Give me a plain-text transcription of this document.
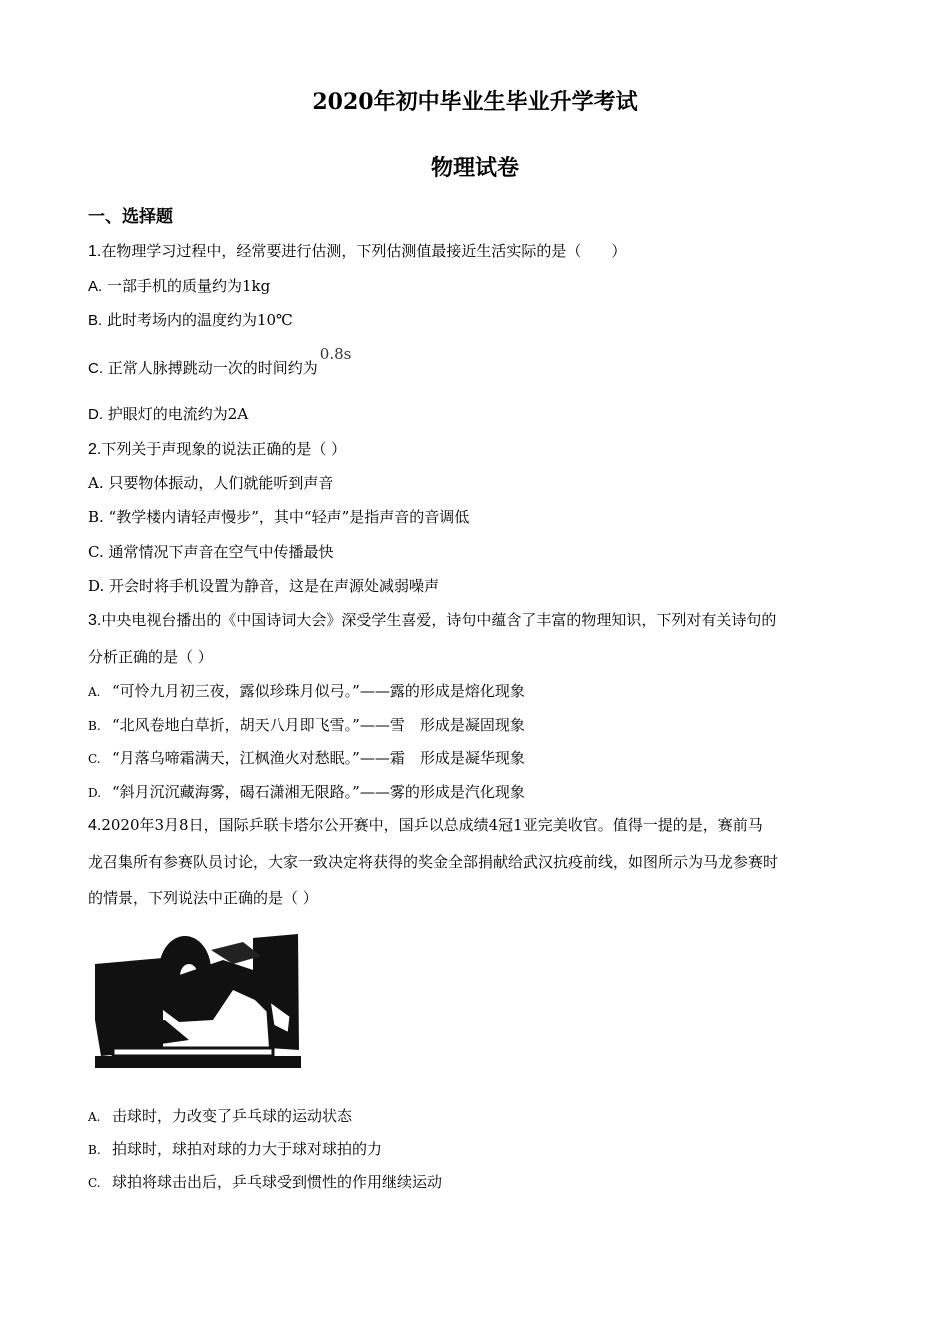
2020年初中毕业生毕业升学考试
物理试卷
一、选择题
1.在物理学习过程中，经常要进行估测，下列估测值最接近生活实际的是（　　）
A. 一部手机的质量约为1kg
B. 此时考场内的温度约为10℃
C. 正常人脉搏跳动一次的时间约为0.8s
D. 护眼灯的电流约为2A
2.下列关于声现象的说法正确的是（ ）
A. 只要物体振动，人们就能听到声音
B. “教学楼内请轻声慢步”，其中“轻声”是指声音的音调低
C. 通常情况下声音在空气中传播最快
D. 开会时将手机设置为静音，这是在声源处减弱噪声
3.中央电视台播出的《中国诗词大会》深受学生喜爱，诗句中蕴含了丰富的物理知识，下列对有关诗句的
分析正确的是（ ）
A. “可怜九月初三夜，露似珍珠月似弓。”——露的形成是熔化现象
B. “北风卷地白草折，胡天八月即飞雪。”——雪　形成是凝固现象
C. “月落乌啼霜满天，江枫渔火对愁眠。”——霜　形成是凝华现象
D. “斜月沉沉藏海雾，碣石潇湘无限路。”——雾的形成是汽化现象
4.2020年3月8日，国际乒联卡塔尔公开赛中，国乒以总成绩4冠1亚完美收官。值得一提的是，赛前马
龙召集所有参赛队员讨论，大家一致决定将获得的奖金全部捐献给武汉抗疫前线，如图所示为马龙参赛时
的情景，下列说法中正确的是（ ）
A. 击球时，力改变了乒乓球的运动状态
B. 拍球时，球拍对球的力大于球对球拍的力
C. 球拍将球击出后，乒乓球受到惯性的作用继续运动
